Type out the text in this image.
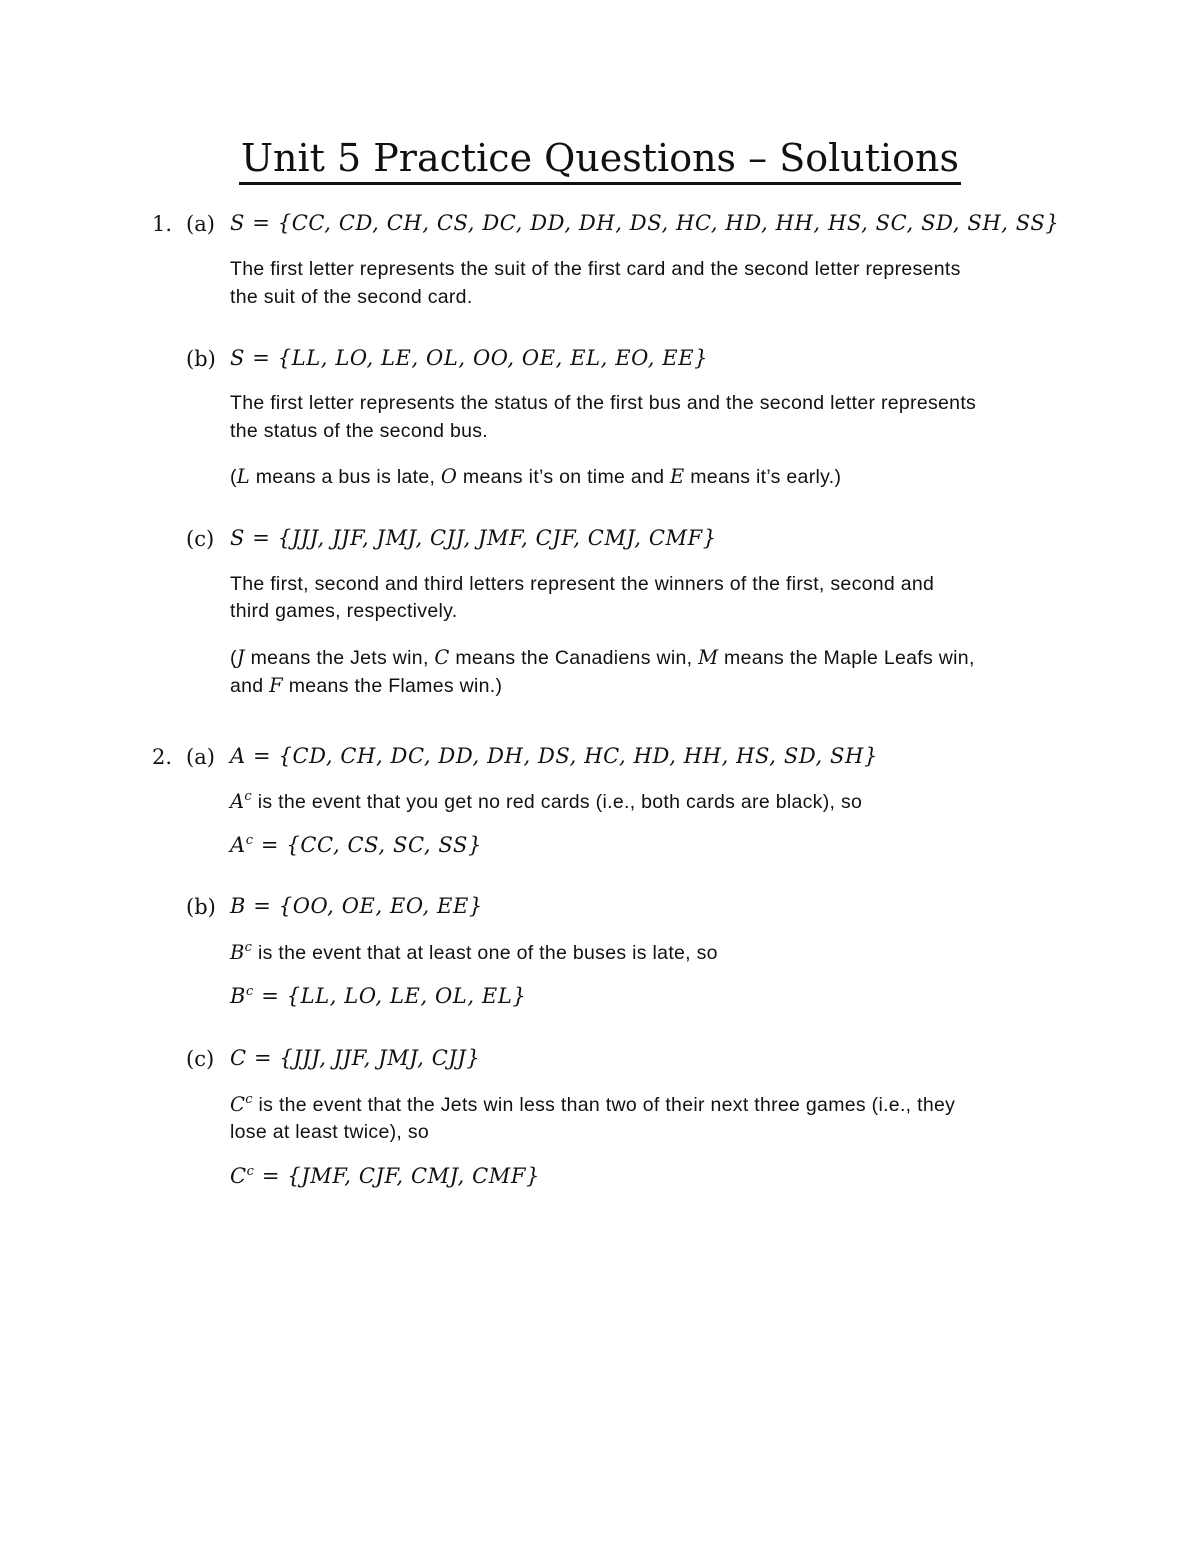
Unit 5 Practice Questions – Solutions
1. (a) S = {CC, CD, CH, CS, DC, DD, DH, DS, HC, HD, HH, HS, SC, SD, SH, SS}
The first letter represents the suit of the first card and the second letter represents
the suit of the second card.
(b) S = {LL, LO, LE, OL, OO, OE, EL, EO, EE}
The first letter represents the status of the first bus and the second letter represents
the status of the second bus.
(L means a bus is late, O means it’s on time and E means it’s early.)
(c) S = {JJJ, JJF, JMJ, CJJ, JMF, CJF, CMJ, CMF}
The first, second and third letters represent the winners of the first, second and
third games, respectively.
(J means the Jets win, C means the Canadiens win, M means the Maple Leafs win,
and F means the Flames win.)
2. (a) A = {CD, CH, DC, DD, DH, DS, HC, HD, HH, HS, SD, SH}
$A^c$ is the event that you get no red cards (i.e., both cards are black), so
$A^c = \{CC$, CS, SC, SS}
(b) B = {OO, OE, EO, EE}
$B^c$ is the event that at least one of the buses is late, so
$B^c = \{LL$, LO, LE, OL, EL}
(c) C = {JJJ, JJF, JMJ, CJJ}
$C^c$ is the event that the Jets win less than two of their next three games (i.e., they
lose at least twice), so
$C^c = \{JMF$, CJF, CMJ, CMF}
